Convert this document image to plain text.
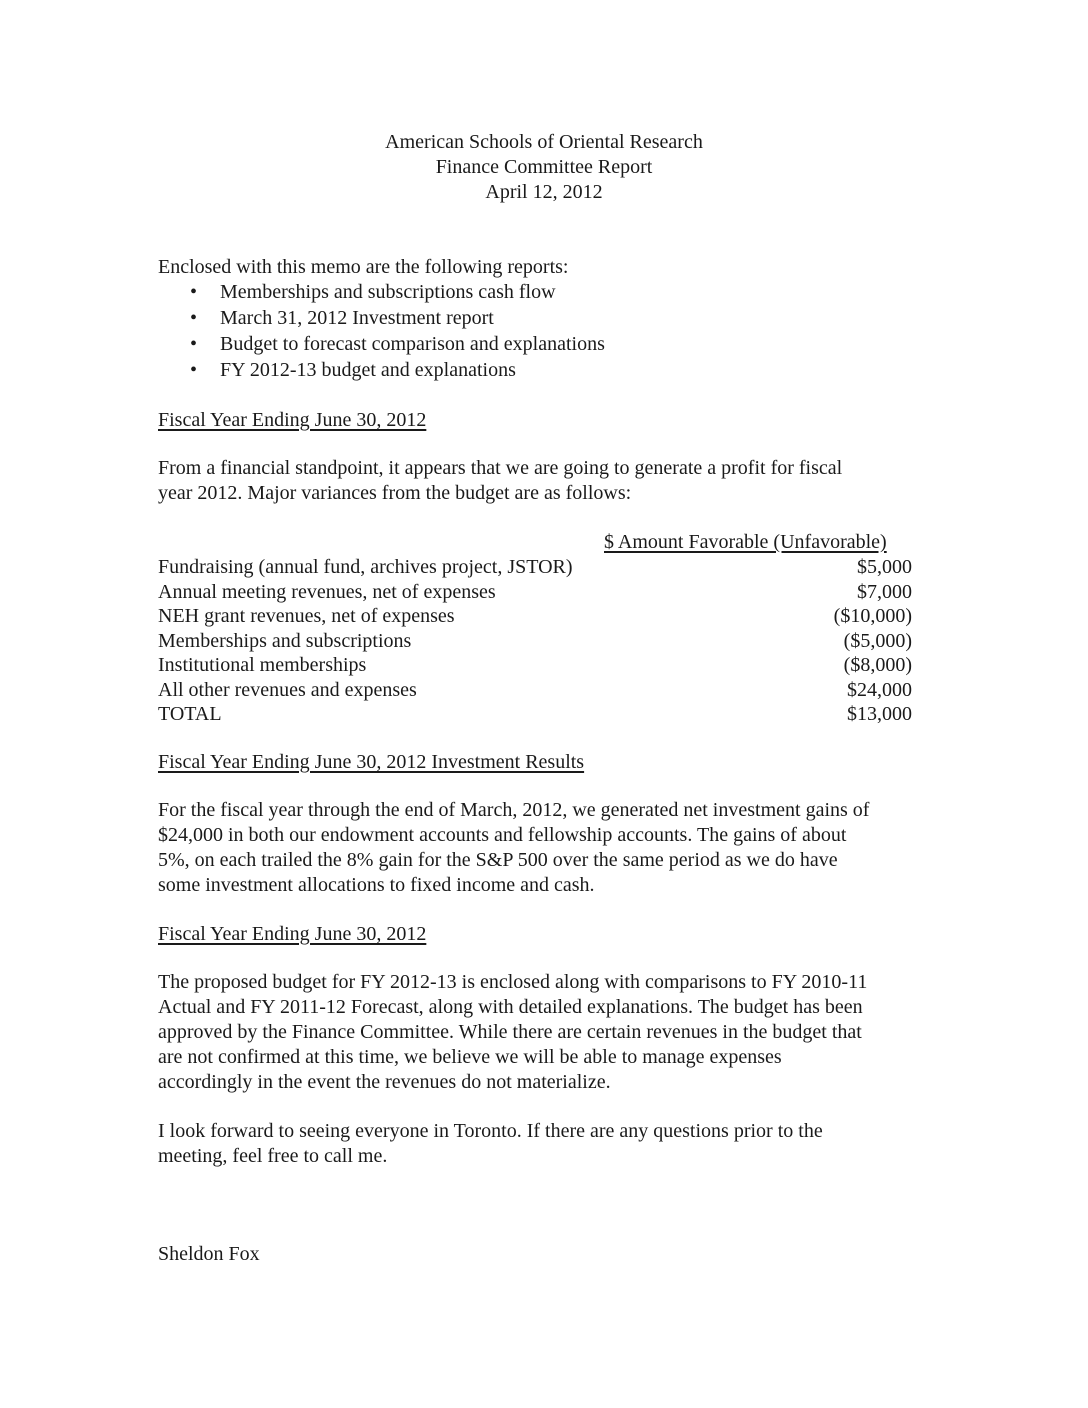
American Schools of Oriental Research
Finance Committee Report
April 12, 2012
Enclosed with this memo are the following reports:
• Memberships and subscriptions cash flow
• March 31, 2012 Investment report
• Budget to forecast comparison and explanations
• FY 2012-13 budget and explanations
Fiscal Year Ending June 30, 2012
From a financial standpoint, it appears that we are going to generate a profit for fiscal
year 2012. Major variances from the budget are as follows:
$ Amount Favorable (Unfavorable)
Fundraising (annual fund, archives project, JSTOR)	$5,000
Annual meeting revenues, net of expenses	$7,000
NEH grant revenues, net of expenses	($10,000)
Memberships and subscriptions	($5,000)
Institutional memberships	($8,000)
All other revenues and expenses	$24,000
TOTAL	$13,000
Fiscal Year Ending June 30, 2012 Investment Results
For the fiscal year through the end of March, 2012, we generated net investment gains of
$24,000 in both our endowment accounts and fellowship accounts. The gains of about
5%, on each trailed the 8% gain for the S&P 500 over the same period as we do have
some investment allocations to fixed income and cash.
Fiscal Year Ending June 30, 2012
The proposed budget for FY 2012-13 is enclosed along with comparisons to FY 2010-11
Actual and FY 2011-12 Forecast, along with detailed explanations. The budget has been
approved by the Finance Committee. While there are certain revenues in the budget that
are not confirmed at this time, we believe we will be able to manage expenses
accordingly in the event the revenues do not materialize.
I look forward to seeing everyone in Toronto. If there are any questions prior to the
meeting, feel free to call me.
Sheldon Fox
